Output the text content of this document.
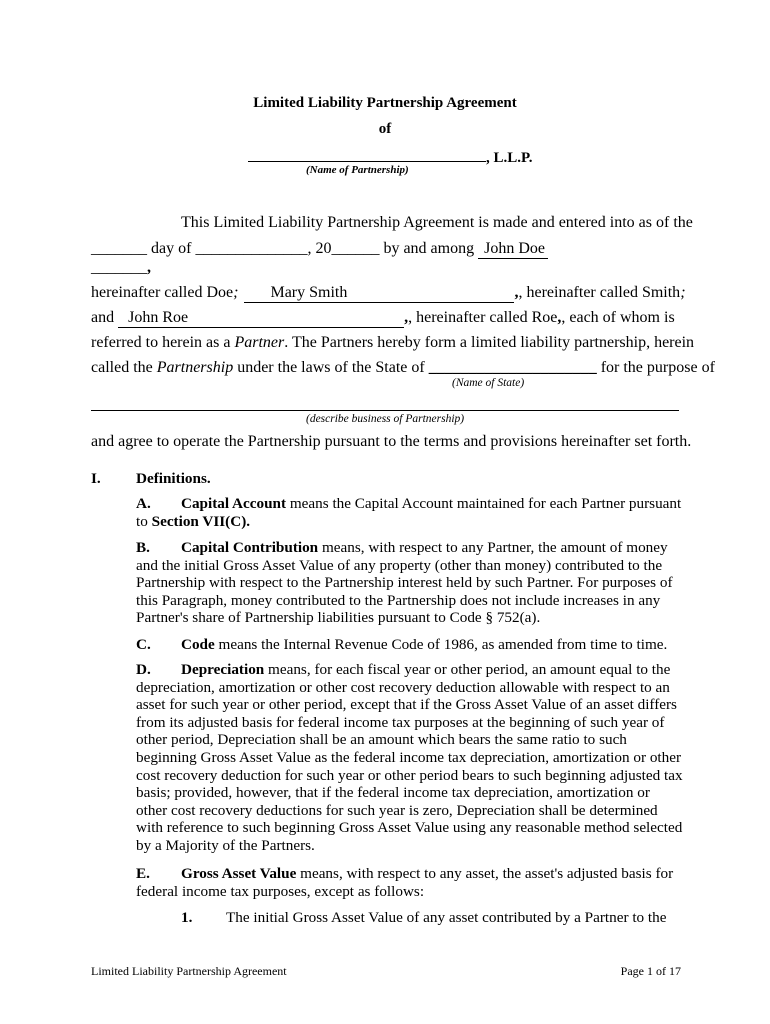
Limited Liability Partnership Agreement
of
, L.L.P.
(Name of Partnership)
This Limited Liability Partnership Agreement is made and entered into as of the
_______ day of ______________, 20______ by and among John Doe
_______,
hereinafter called Doe; Mary Smith	,, hereinafter called Smith;
and John Roe	,, hereinafter called Roe,, each of whom is
referred to herein as a Partner. The Partners hereby form a limited liability partnership, herein
called the Partnership under the laws of the State of _____________________ for the purpose of
(Name of State)
(describe business of Partnership)
and agree to operate the Partnership pursuant to the terms and provisions hereinafter set forth.
I. Definitions.
A. Capital Account means the Capital Account maintained for each Partner pursuant to Section VII(C).
B. Capital Contribution means, with respect to any Partner, the amount of money and the initial Gross Asset Value of any property (other than money) contributed to the Partnership with respect to the Partnership interest held by such Partner. For purposes of this Paragraph, money contributed to the Partnership does not include increases in any Partner's share of Partnership liabilities pursuant to Code § 752(a).
C. Code means the Internal Revenue Code of 1986, as amended from time to time.
D. Depreciation means, for each fiscal year or other period, an amount equal to the depreciation, amortization or other cost recovery deduction allowable with respect to an asset for such year or other period, except that if the Gross Asset Value of an asset differs from its adjusted basis for federal income tax purposes at the beginning of such year of other period, Depreciation shall be an amount which bears the same ratio to such beginning Gross Asset Value as the federal income tax depreciation, amortization or other cost recovery deduction for such year or other period bears to such beginning adjusted tax basis; provided, however, that if the federal income tax depreciation, amortization or other cost recovery deductions for such year is zero, Depreciation shall be determined with reference to such beginning Gross Asset Value using any reasonable method selected by a Majority of the Partners.
E. Gross Asset Value means, with respect to any asset, the asset's adjusted basis for federal income tax purposes, except as follows:
1. The initial Gross Asset Value of any asset contributed by a Partner to the
Limited Liability Partnership Agreement	Page 1 of 17
